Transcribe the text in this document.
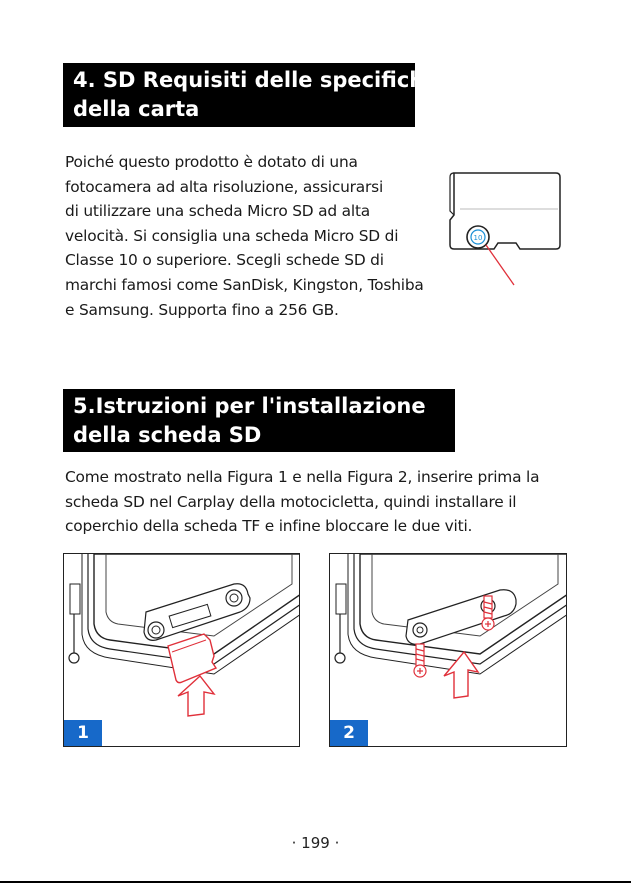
4. SD Requisiti delle specifiche
della carta
Poiché questo prodotto è dotato di una
fotocamera ad alta risoluzione, assicurarsi
di utilizzare una scheda Micro SD ad alta
velocità. Si consiglia una scheda Micro SD di
Classe 10 o superiore. Scegli schede SD di
marchi famosi come SanDisk, Kingston, Toshiba
e Samsung. Supporta fino a 256 GB.
10
5.Istruzioni per l'installazione
della scheda SD
Come mostrato nella Figura 1 e nella Figura 2, inserire prima la
scheda SD nel Carplay della motocicletta, quindi installare il
coperchio della scheda TF e infine bloccare le due viti.
1	2
· 199 ·
